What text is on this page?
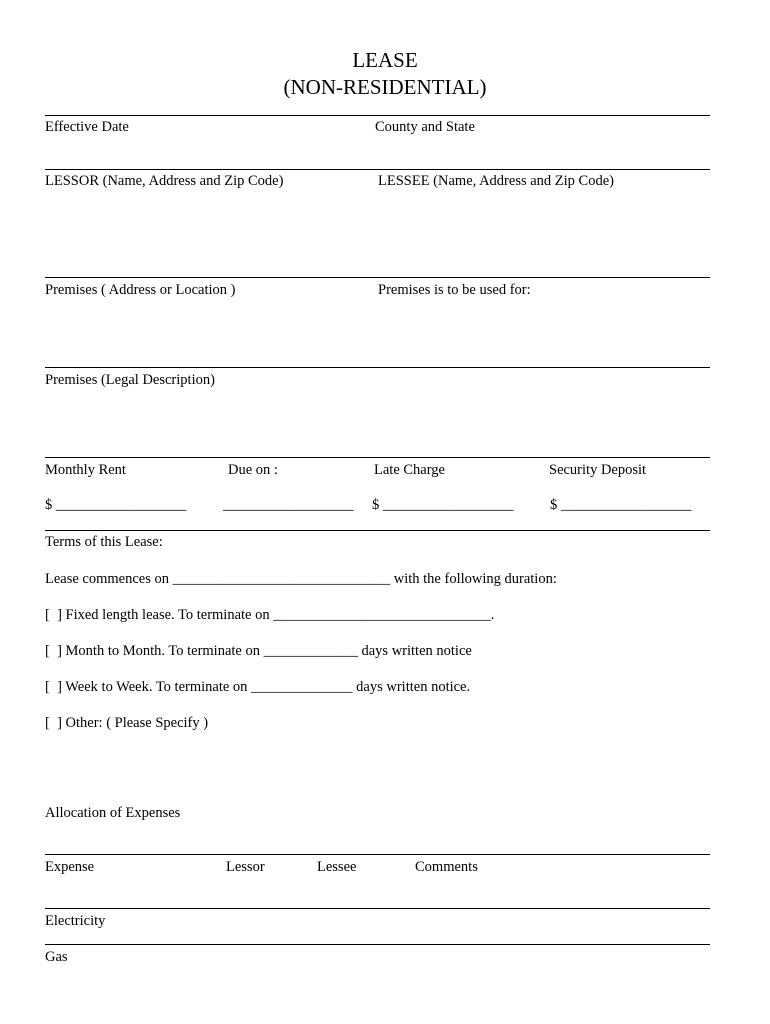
LEASE
(NON-RESIDENTIAL)
Effective Date	County and State
LESSOR (Name, Address and Zip Code)	LESSEE (Name, Address and Zip Code)
Premises ( Address or Location )	Premises is to be used for:
Premises (Legal Description)
Monthly Rent	Due on :	Late Charge	Security Deposit
$ __________________	__________________ $ __________________	$ __________________
Terms of this Lease:
Lease commences on ______________________________ with the following duration:
[  ] Fixed length lease. To terminate on ______________________________.
[  ] Month to Month. To terminate on _____________ days written notice
[  ] Week to Week. To terminate on ______________ days written notice.
[  ] Other: ( Please Specify )
Allocation of Expenses
Expense	Lessor	Lessee	Comments
Electricity
Gas
